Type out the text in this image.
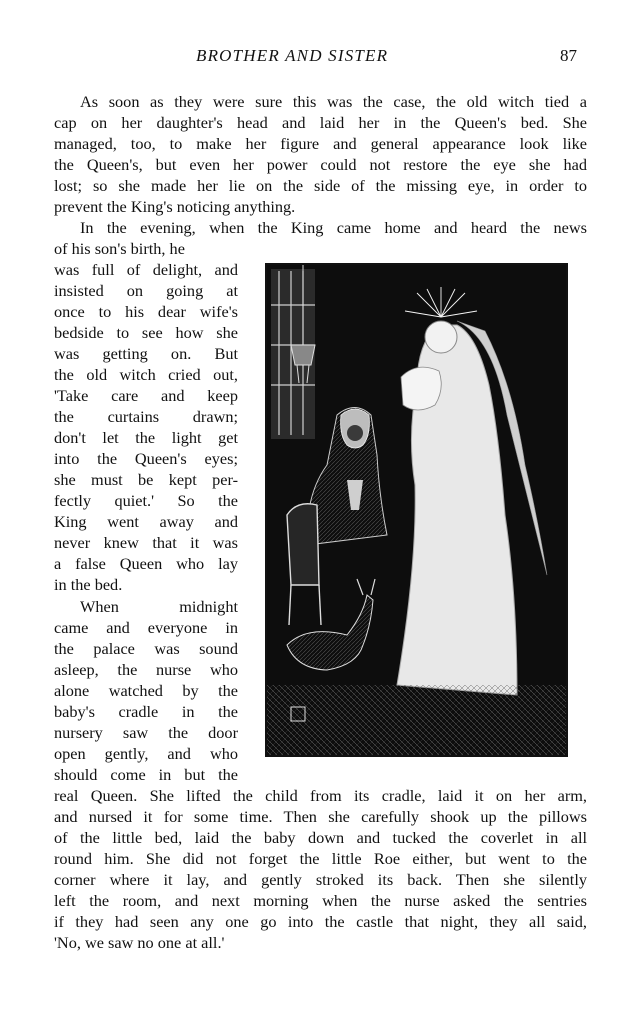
BROTHER AND SISTER	87
As soon as they were sure this was the case, the old witch tied a
cap on her daughter's head and laid her in the Queen's bed. She
managed, too, to make her figure and general appearance look like
the Queen's, but even her power could not restore the eye she had
lost; so she made her lie on the side of the missing eye, in order to
prevent the King's noticing anything.
In the evening, when the King came home and heard the news
of his son's birth, he
was full of delight, and
insisted on going at
once to his dear wife's
bedside to see how she
was getting on. But
the old witch cried out,
'Take care and keep
the curtains drawn;
don't let the light get
into the Queen's eyes;
she must be kept per-
fectly quiet.' So the
King went away and
never knew that it was
a false Queen who lay
in the bed.
When midnight
came and everyone in
the palace was sound
asleep, the nurse who
alone watched by the
baby's cradle in the
nursery saw the door
open gently, and who
should come in but the
real Queen. She lifted the child from its cradle, laid it on her arm,
and nursed it for some time. Then she carefully shook up the pillows
of the little bed, laid the baby down and tucked the coverlet in all
round him. She did not forget the little Roe either, but went to the
corner where it lay, and gently stroked its back. Then she silently
left the room, and next morning when the nurse asked the sentries
if they had seen any one go into the castle that night, they all said,
'No, we saw no one at all.'
